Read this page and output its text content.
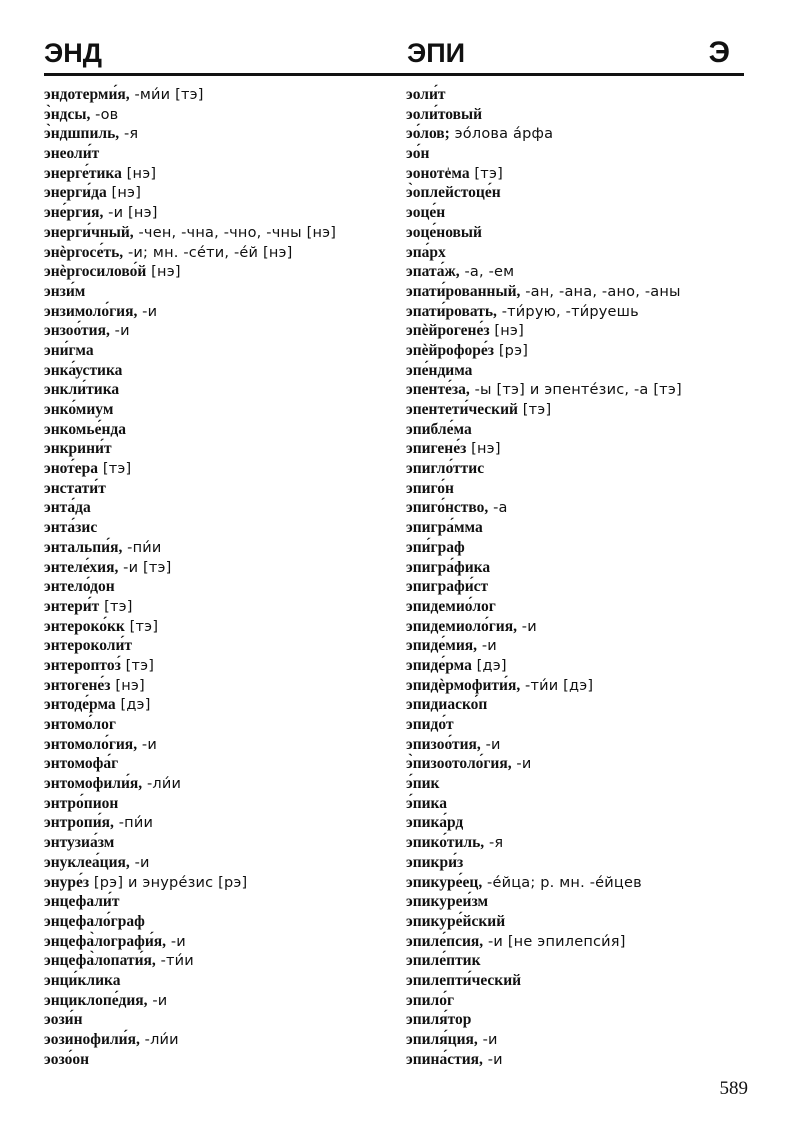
ЭНД	ЭПИ	Э
эндотерми́я, -ми́и [тэ]
э̀ндсы, -ов
э̀ндшпиль, -я
энеоли́т
энерге́тика [нэ]
энерги́да [нэ]
эне́ргия, -и [нэ]
энерги́чный, -чен, -чна, -чно, -чны [нэ]
энѐргосе́ть, -и; мн. -се́ти, -е́й [нэ]
энѐргосилово́й [нэ]
энзи́м
энзимоло́гия, -и
энзоо́тия, -и
эни́гма
энка́устика
энкли́тика
энко́миум
энкомье́нда
энкрини́т
энот́ера [тэ]
энстати́т
энта́да
энта́зис
энтальпи́я, -пи́и
энтеле́хия, -и [тэ]
энтело́дон
энтери́т [тэ]
энтероко́кк [тэ]
энтероколи́т
энтероптоз́ [тэ]
энтогене́з [нэ]
энтоде́рма [дэ]
энтомо́лог
энтомоло́гия, -и
энтомофа́г
энтомофили́я, -ли́и
энтро́пион
энтропи́я, -пи́и
энтузиа́зм
энуклеа́ция, -и
энуре́з [рэ] и энуре́зис [рэ]
энцефали́т
энцефало́граф
энцефа̀лографи́я, -и
энцефа̀лопати́я, -ти́и
энци́клика
энциклопе́дия, -и
эози́н
эозинофили́я, -ли́и
эозо́он
эоли́т
эоли́товый
эо́лов; эо́лова а́рфа
эо́н
эонотe̍ма [тэ]
э̀оплейстоце́н
эоце́н
эоце́новый
эпа́рх
эпата́ж, -а, -ем
эпати́рованный, -ан, -ана, -ано, -аны
эпати́ровать, -ти́рую, -ти́руешь
эпѐйрогене́з [нэ]
эпѐйрофоре́з [рэ]
эпе́ндима
эпенте́за, -ы [тэ] и эпенте́зис, -а [тэ]
эпентети́ческий [тэ]
эпибле́ма
эпигене́з [нэ]
эпигло́ттис
эпиго́н
эпиго́нство, -а
эпигра́мма
эпи́граф
эпигра́фика
эпиграфи́ст
эпидемио́лог
эпидемиоло́гия, -и
эпиде́мия, -и
эпиде́рма [дэ]
эпидѐрмофити́я, -ти́и [дэ]
эпидиаско́п
эпидо́т
эпизоо́тия, -и
э̀пизоотоло́гия, -и
э́пик
э́пика
эпика́рд
эпико́тиль, -я
эпикри́з
эпикуре́ец, -е́йца; р. мн. -е́йцев
эпикуреи́зм
эпикуре́йский
эпиле́псия, -и [не эпилепси́я]
эпиле́птик
эпилепти́ческий
эпило́г
эпиля́тор
эпиля́ция, -и
эпина́стия, -и
589
